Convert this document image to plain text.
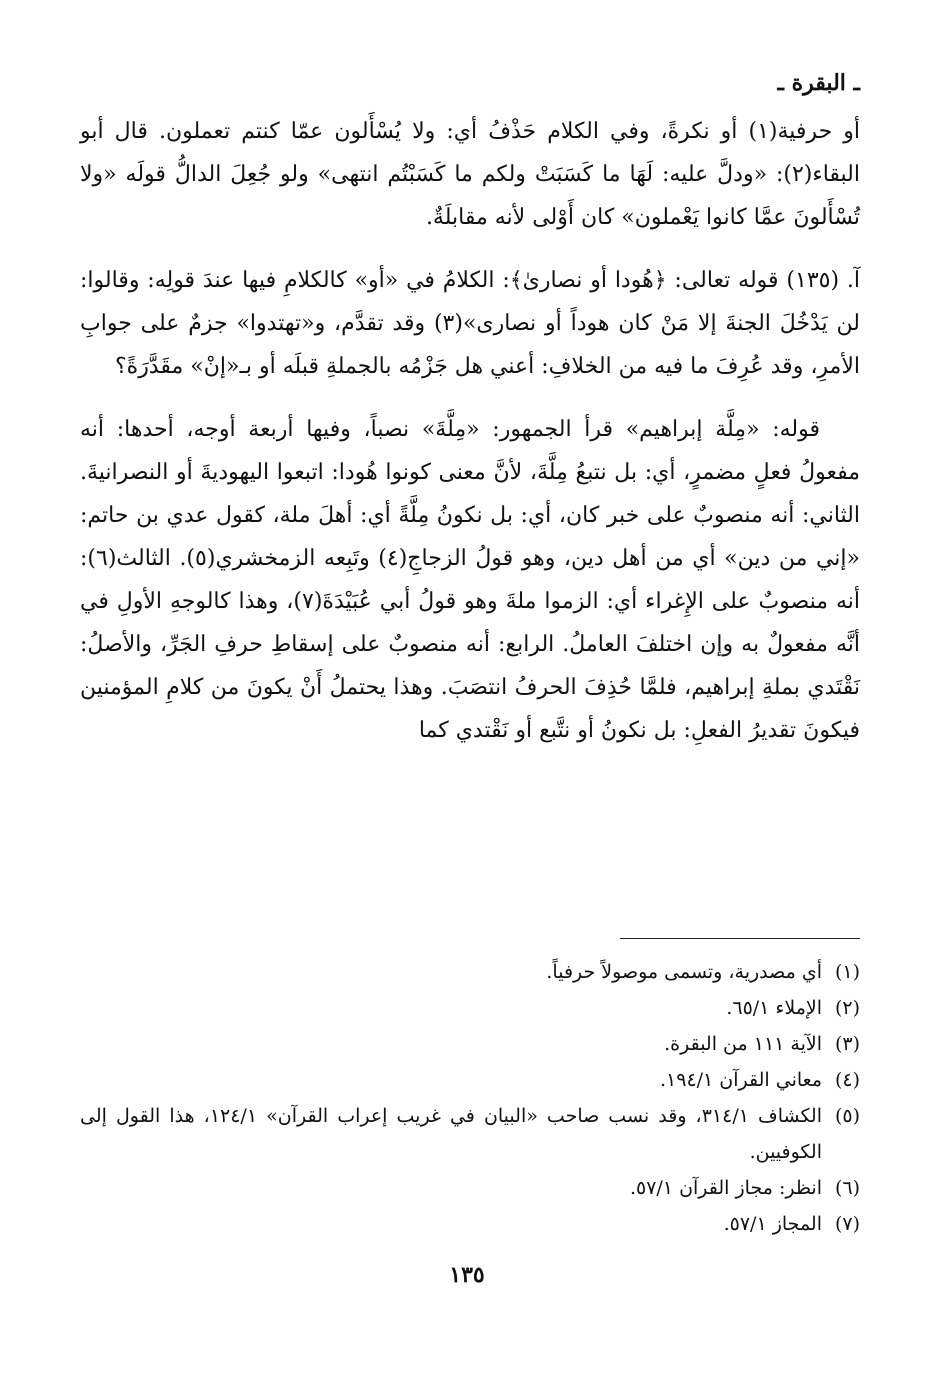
ـ البقرة ـ

أو حرفية(١) أو نكرةً، وفي الكلام حَذْفُ أي: ولا يُسْأَلون عمّا كنتم تعملون. قال أبو البقاء(٢): «ودلَّ عليه: لَهَا ما كَسَبَتْ ولكم ما كَسَبْتُم انتهى» ولو جُعِلَ الدالُّ قولَه «ولا تُسْأَلونَ عمَّا كانوا يَعْملون» كان أَوْلى لأنه مقابلَةٌ.

آ. (١٣٥) قوله تعالى: ﴿هُودا أو نصارىٰ﴾: الكلامُ في «أو» كالكلامِ فيها عندَ قولِه: وقالوا: لن يَدْخُلَ الجنةَ إلا مَنْ كان هوداً أو نصارى»(٣) وقد تقدَّم، و«تهتدوا» جزمٌ على جوابِ الأمرِ، وقد عُرِفَ ما فيه من الخلافِ: أعني هل جَزْمُه بالجملةِ قبلَه أو بـ«إنْ» مقَدَّرَةً؟

قوله: «مِلَّة إبراهيم» قرأ الجمهور: «مِلَّةَ» نصباً، وفيها أربعة أوجه، أحدها: أنه مفعولُ فعلٍ مضمرٍ، أي: بل نتبعُ مِلَّةَ، لأنَّ معنى كونوا هُودا: اتبعوا اليهوديةَ أو النصرانيةَ. الثاني: أنه منصوبٌ على خبر كان، أي: بل نكونُ مِلَّةً أي: أهلَ ملة، كقول عدي بن حاتم: «إني من دين» أي من أهل دين، وهو قولُ الزجاجِ(٤) وتَبِعه الزمخشري(٥). الثالث(٦): أنه منصوبٌ على الإِغراء أي: الزموا ملةَ وهو قولُ أبي عُبَيْدَةَ(٧)، وهذا كالوجهِ الأولِ في أنَّه مفعولٌ به وإن اختلفَ العاملُ. الرابع: أنه منصوبٌ على إسقاطِ حرفِ الجَرِّ، والأصلُ: نَقْتَدي بملةِ إبراهيم، فلمَّا حُذِفَ الحرفُ انتصَبَ. وهذا يحتملُ أَنْ يكونَ من كلامِ المؤمنين فيكونَ تقديرُ الفعلِ: بل نكونُ أو نتَّبع أو نَقْتدي كما

(١)
أي مصدرية، وتسمى موصولاً حرفياً.
(٢)
الإملاء ٦٥/١.
(٣)
الآية ١١١ من البقرة.
(٤)
معاني القرآن ١٩٤/١.
(٥)
الكشاف ٣١٤/١، وقد نسب صاحب «البيان في غريب إعراب القرآن» ١٢٤/١، هذا القول إلى الكوفيين.
(٦)
انظر: مجاز القرآن ٥٧/١.
(٧)
المجاز ٥٧/١.
١٣٥
